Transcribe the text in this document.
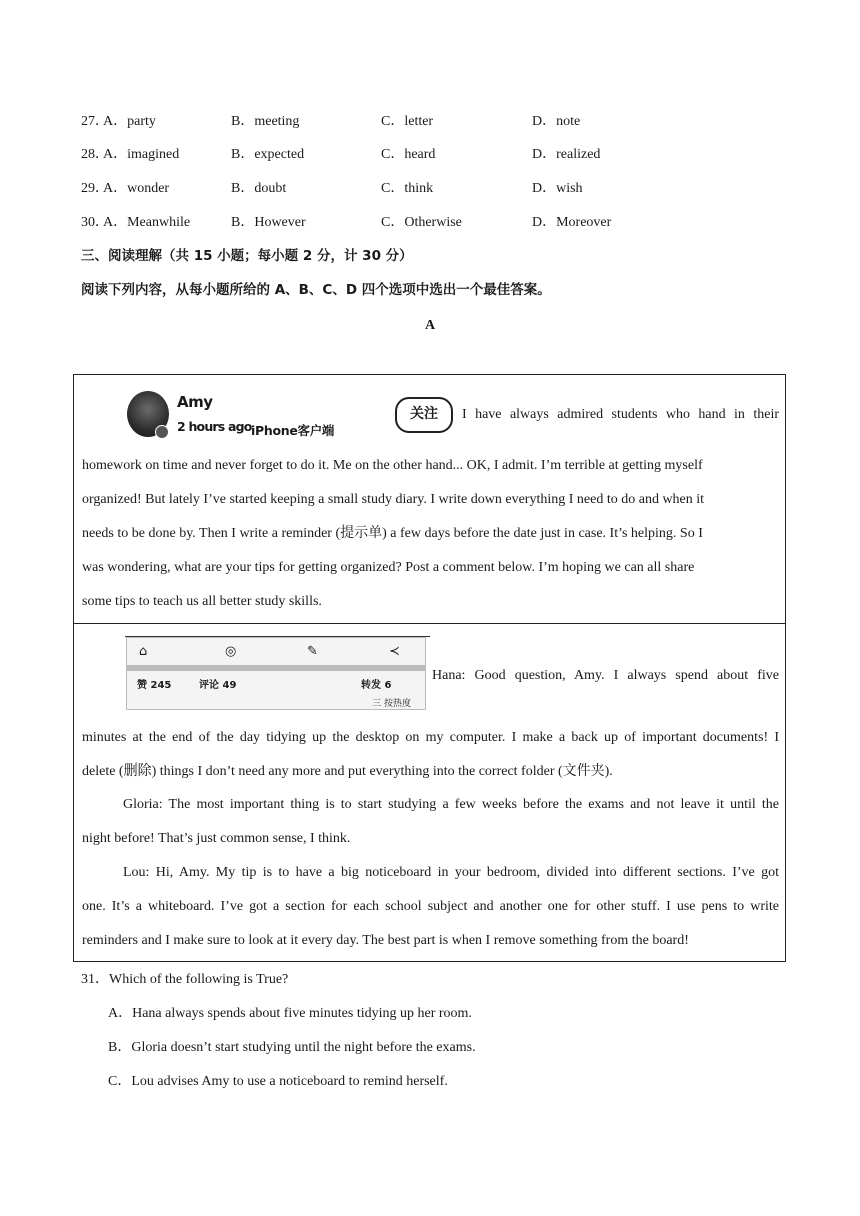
27．
A．party	B．meeting	C．letter	D．note
28．
A．imagined	B．expected	C．heard	D．realized
29．
A．wonder	B．doubt	C．think	D．wish
30．
A．Meanwhile	B．However	C．Otherwise	D．Moreover
三、阅读理解（共 15 小题；每小题 2 分，计 30 分）
阅读下列内容，从每小题所给的 A、B、C、D 四个选项中选出一个最佳答案。
A
Amy
2 hours ago iPhone客户端
关注	I have always admired students who hand in their
homework on time and never forget to do it. Me on the other hand... OK, I admit. I’m terrible at getting myself
organized! But lately I’ve started keeping a small study diary. I write down everything I need to do and when it
needs to be done by. Then I write a reminder (提示单) a few days before the date just in case. It’s helping. So I
was wondering, what are your tips for getting organized? Post a comment below. I’m hoping we can all share
some tips to teach us all better study skills.
⌂	◎	✎	≺
赞 245	评论 49	转发 6
三 按热度
Hana: Good question, Amy. I always spend about five
minutes at the end of the day tidying up the desktop on my computer. I make a back up of important documents! I
delete (删除) things I don’t need any more and put everything into the correct folder (文件夹).
Gloria: The most important thing is to start studying a few weeks before the exams and not leave it until the
night before! That’s just common sense, I think.
Lou: Hi, Amy. My tip is to have a big noticeboard in your bedroom, divided into different sections. I’ve got
one. It’s a whiteboard. I’ve got a section for each school subject and another one for other stuff. I use pens to write
reminders and I make sure to look at it every day. The best part is when I remove something from the board!
31．Which of the following is True?
A．Hana always spends about five minutes tidying up her room.
B．Gloria doesn’t start studying until the night before the exams.
C．Lou advises Amy to use a noticeboard to remind herself.
